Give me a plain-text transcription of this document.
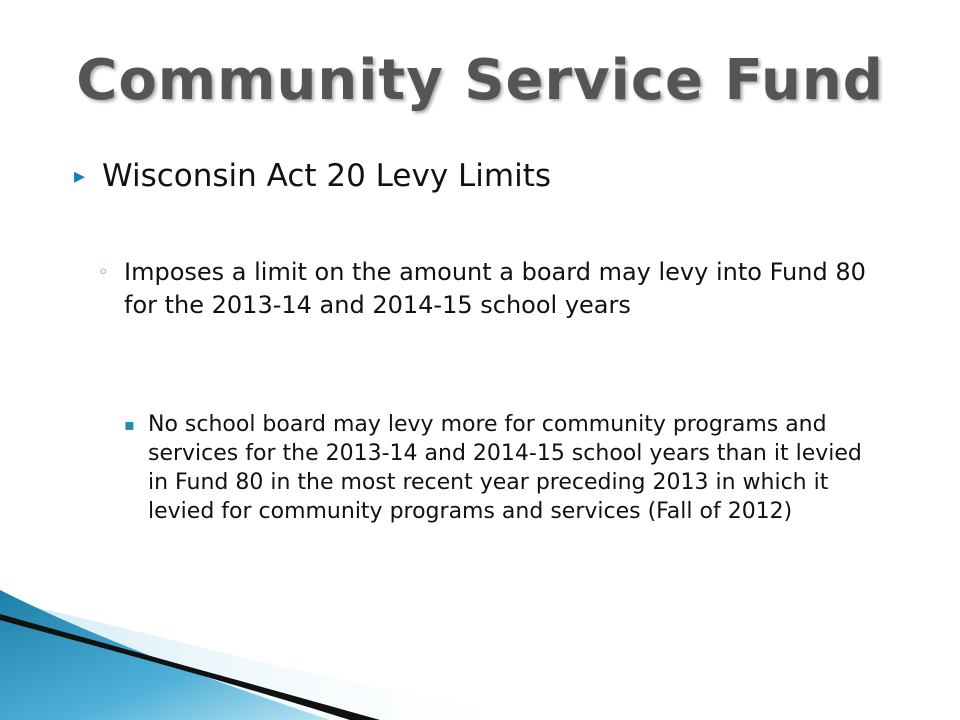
Community Service Fund
▸ Wisconsin Act 20 Levy Limits
◦ Imposes a limit on the amount a board may levy into Fund 80 for the 2013-14 and 2014-15 school years
▪ No school board may levy more for community programs and services for the 2013-14 and 2014-15 school years than it levied in Fund 80 in the most recent year preceding 2013 in which it levied for community programs and services (Fall of 2012)
